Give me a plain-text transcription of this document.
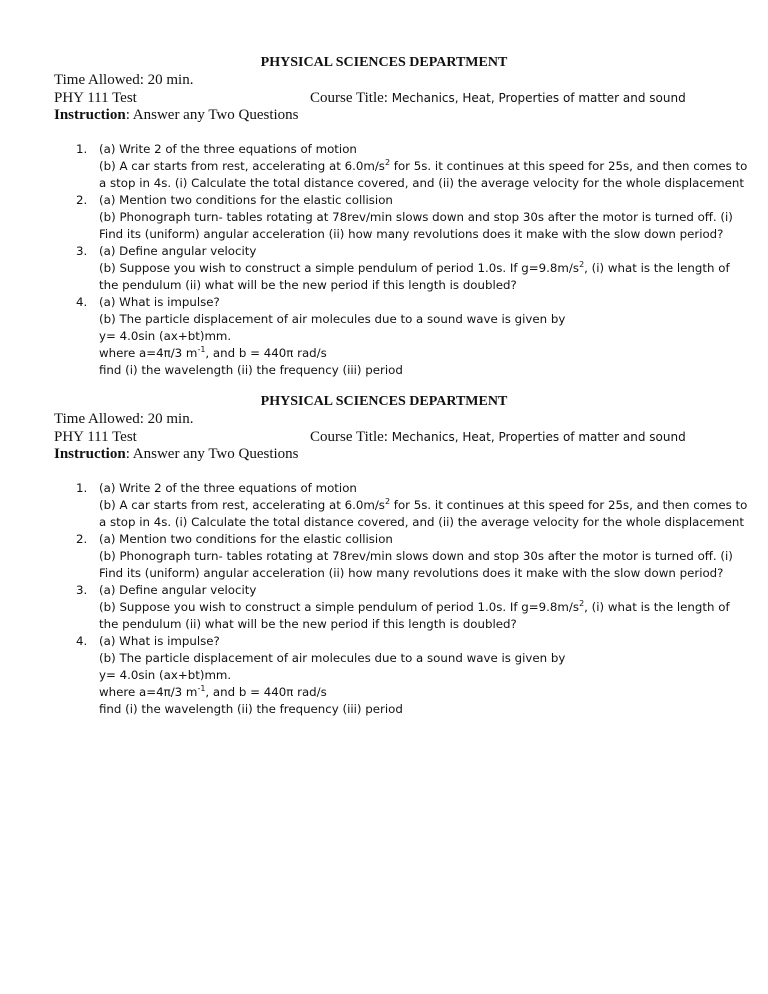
PHYSICAL SCIENCES DEPARTMENT
Time Allowed: 20 min.
PHY 111 Test	Course Title: Mechanics, Heat, Properties of matter and sound
Instruction: Answer any Two Questions
1. (a) Write 2 of the three equations of motion
(b) A car starts from rest, accelerating at $6.0m/s^2$ for 5s. it continues at this speed for 25s, and then comes to
a stop in 4s. (i) Calculate the total distance covered, and (ii) the average velocity for the whole displacement
2. (a) Mention two conditions for the elastic collision
(b) Phonograph turn- tables rotating at 78rev/min slows down and stop 30s after the motor is turned off. (i)
Find its (uniform) angular acceleration (ii) how many revolutions does it make with the slow down period?
3. (a) Define angular velocity
(b) Suppose you wish to construct a simple pendulum of period 1.0s. If $g=9.8m/s^2$, (i) what is the length of
the pendulum (ii) what will be the new period if this length is doubled?
4. (a) What is impulse?
(b) The particle displacement of air molecules due to a sound wave is given by
y= 4.0sin (ax+bt)mm.
where a=4π/3 $m^{-1}$, and b = 440π rad/s
find (i) the wavelength (ii) the frequency (iii) period
PHYSICAL SCIENCES DEPARTMENT
Time Allowed: 20 min.
PHY 111 Test	Course Title: Mechanics, Heat, Properties of matter and sound
Instruction: Answer any Two Questions
1. (a) Write 2 of the three equations of motion
(b) A car starts from rest, accelerating at $6.0m/s^2$ for 5s. it continues at this speed for 25s, and then comes to
a stop in 4s. (i) Calculate the total distance covered, and (ii) the average velocity for the whole displacement
2. (a) Mention two conditions for the elastic collision
(b) Phonograph turn- tables rotating at 78rev/min slows down and stop 30s after the motor is turned off. (i)
Find its (uniform) angular acceleration (ii) how many revolutions does it make with the slow down period?
3. (a) Define angular velocity
(b) Suppose you wish to construct a simple pendulum of period 1.0s. If $g=9.8m/s^2$, (i) what is the length of
the pendulum (ii) what will be the new period if this length is doubled?
4. (a) What is impulse?
(b) The particle displacement of air molecules due to a sound wave is given by
y= 4.0sin (ax+bt)mm.
where a=4π/3 $m^{-1}$, and b = 440π rad/s
find (i) the wavelength (ii) the frequency (iii) period
